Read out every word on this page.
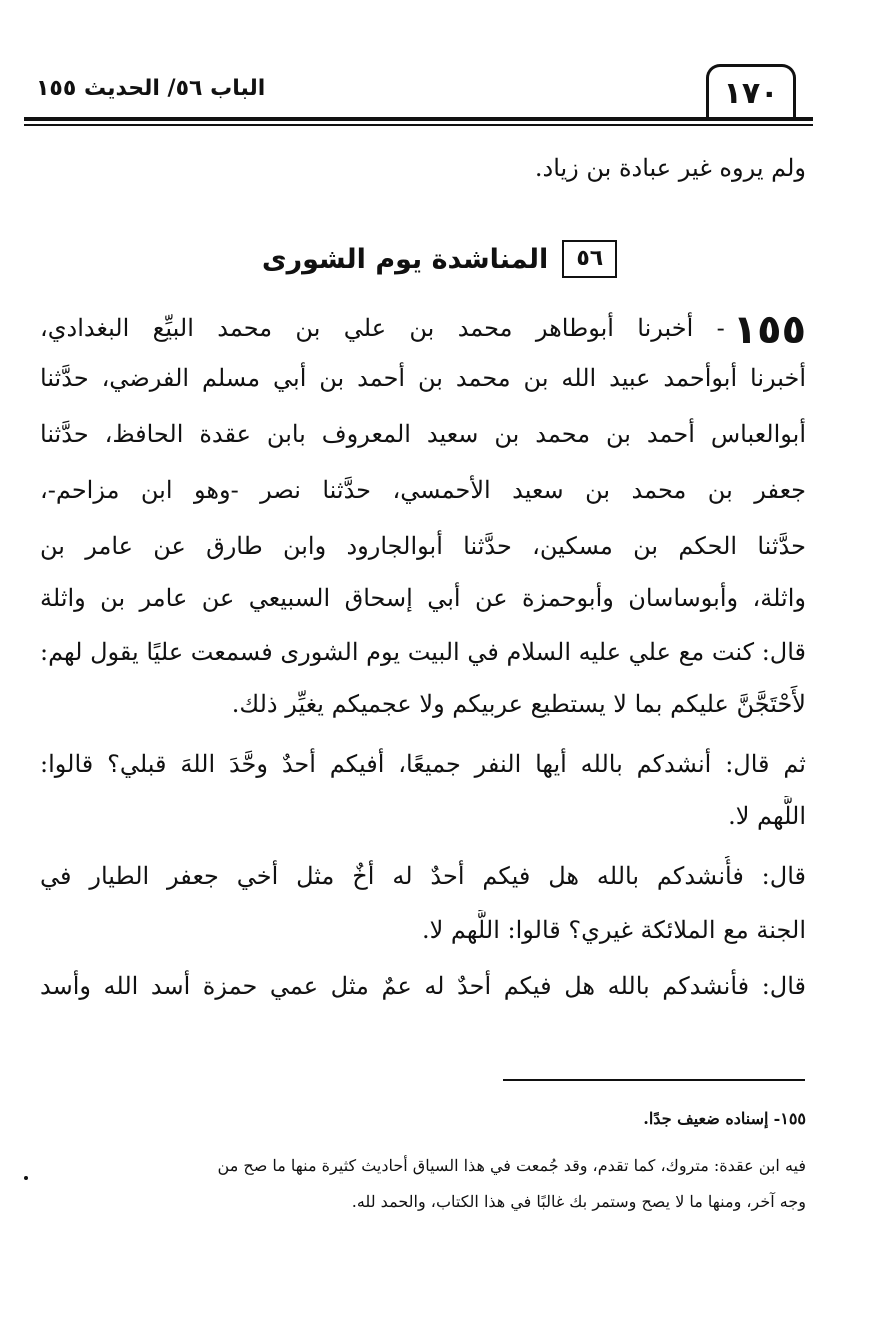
١٧٠
الباب ٥٦/ الحديث ١٥٥
ولم يروه غير عبادة بن زياد.
٥٦
المناشدة يوم الشورى
١٥٥- أخبرنا أبوطاهر محمد بن علي بن محمد البيِّع البغدادي،
أخبرنا أبوأحمد عبيد الله بن محمد بن أحمد بن أبي مسلم الفرضي، حدَّثنا
أبوالعباس أحمد بن محمد بن سعيد المعروف بابن عقدة الحافظ، حدَّثنا
جعفر بن محمد بن سعيد الأحمسي، حدَّثنا نصر -وهو ابن مزاحم-،
حدَّثنا الحكم بن مسكين، حدَّثنا أبوالجارود وابن طارق عن عامر بن
واثلة، وأبوساسان وأبوحمزة عن أبي إسحاق السبيعي عن عامر بن واثلة
قال: كنت مع علي عليه السلام في البيت يوم الشورى فسمعت عليًا يقول لهم:
لأَحْتَجَّنَّ عليكم بما لا يستطيع عربيكم ولا عجميكم يغيِّر ذلك.
ثم قال: أنشدكم بالله أيها النفر جميعًا، أفيكم أحدٌ وحَّدَ اللهَ قبلي؟ قالوا:
اللَّهم لا.
قال: فأُنشدكم بالله هل فيكم أحدٌ له أخٌ مثل أخي جعفر الطيار في
الجنة مع الملائكة غيري؟ قالوا: اللَّهم لا.
قال: فأنشدكم بالله هل فيكم أحدٌ له عمٌ مثل عمي حمزة أسد الله وأسد
١٥٥- إسناده ضعيف جدًا.
فيه ابن عقدة: متروك، كما تقدم، وقد جُمعت في هذا السياق أحاديث كثيرة منها ما صح من
وجه آخر، ومنها ما لا يصح وستمر بك غالبًا في هذا الكتاب، والحمد لله.
